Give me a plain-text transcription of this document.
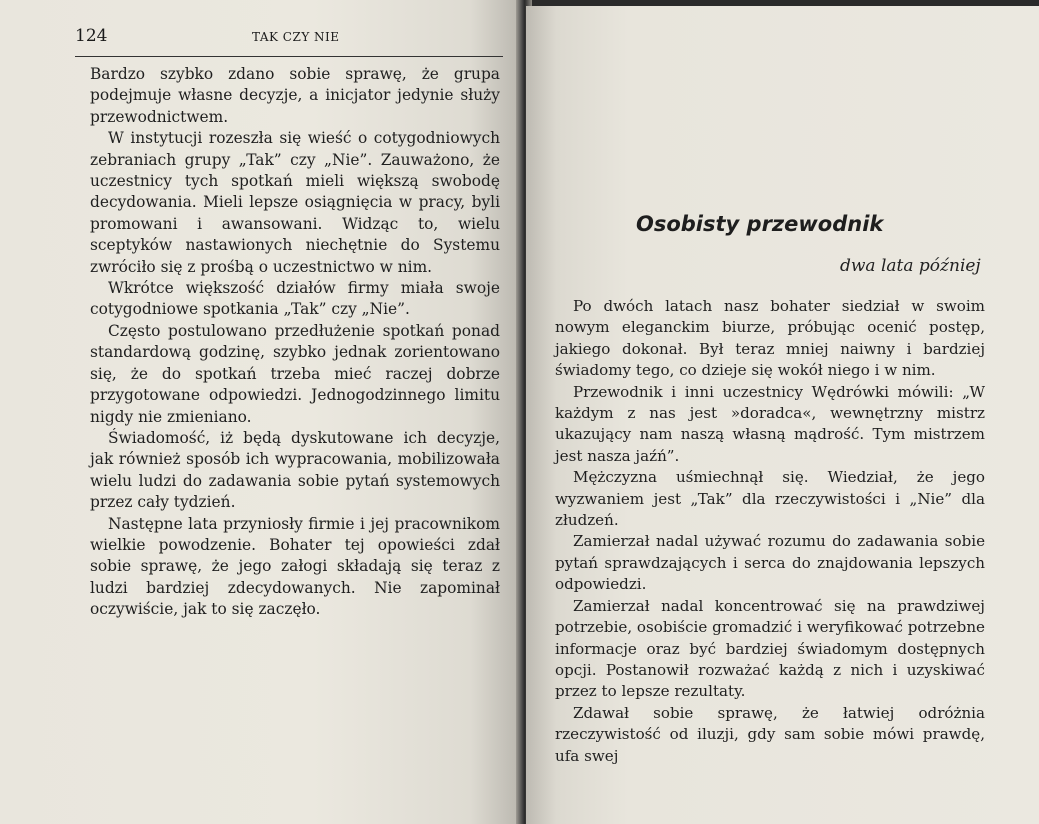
124	TAK CZY NIE

Bardzo szybko zdano sobie sprawę, że grupa podejmuje własne decyzje, a inicjator jedynie służy przewodnictwem.

W instytucji rozeszła się wieść o cotygodniowych zebraniach grupy „Tak” czy „Nie”. Zauważono, że uczestnicy tych spotkań mieli większą swobodę decydowania. Mieli lepsze osiągnięcia w pracy, byli promowani i awansowani. Widząc to, wielu sceptyków nastawionych niechętnie do Systemu zwróciło się z prośbą o uczestnictwo w nim.

Wkrótce większość działów firmy miała swoje cotygodniowe spotkania „Tak” czy „Nie”.

Często postulowano przedłużenie spotkań ponad standardową godzinę, szybko jednak zorientowano się, że do spotkań trzeba mieć raczej dobrze przygotowane odpowiedzi. Jednogodzinnego limitu nigdy nie zmieniano.

Świadomość, iż będą dyskutowane ich decyzje, jak również sposób ich wypracowania, mobilizowała wielu ludzi do zadawania sobie pytań systemowych przez cały tydzień.

Następne lata przyniosły firmie i jej pracownikom wielkie powodzenie. Bohater tej opowieści zdał sobie sprawę, że jego załogi składają się teraz z ludzi bardziej zdecydowanych. Nie zapominał oczywiście, jak to się zaczęło.

Osobisty przewodnik
dwa lata później

Po dwóch latach nasz bohater siedział w swoim nowym eleganckim biurze, próbując ocenić postęp, jakiego dokonał. Był teraz mniej naiwny i bardziej świadomy tego, co dzieje się wokół niego i w nim.

Przewodnik i inni uczestnicy Wędrówki mówili: „W każdym z nas jest »doradca«, wewnętrzny mistrz ukazujący nam naszą własną mądrość. Tym mistrzem jest nasza jaźń”.

Mężczyzna uśmiechnął się. Wiedział, że jego wyzwaniem jest „Tak” dla rzeczywistości i „Nie” dla złudzeń.

Zamierzał nadal używać rozumu do zadawania sobie pytań sprawdzających i serca do znajdowania lepszych odpowiedzi.

Zamierzał nadal koncentrować się na prawdziwej potrzebie, osobiście gromadzić i weryfikować potrzebne informacje oraz być bardziej świadomym dostępnych opcji. Postanowił rozważać każdą z nich i uzyskiwać przez to lepsze rezultaty.

Zdawał sobie sprawę, że łatwiej odróżnia rzeczywistość od iluzji, gdy sam sobie mówi prawdę, ufa swej
